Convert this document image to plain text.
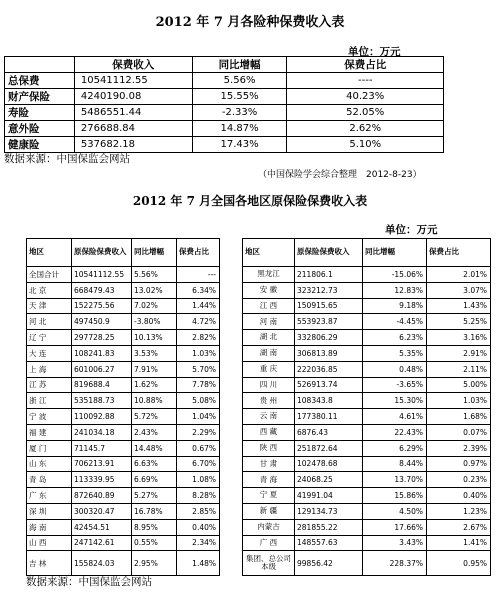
2012 年 7 月各险种保费收入表
单位：万元
	保费收入	同比增幅	保费占比
总保费	10541112.55	5.56%	----
财产保险	4240190.08	15.55%	40.23%
寿险	5486551.44	-2.33%	52.05%
意外险	276688.84	14.87%	2.62%
健康险	537682.18	17.43%	5.10%
数据来源：中国保监会网站
（中国保险学会综合整理　2012-8-23）
2012 年 7 月全国各地区原保险保费收入表
单位：万元
地区	原保险保费收入	同比增幅	保费占比		地区	原保险保费收入	同比增幅	保费占比
全国合计	10541112.55	5.56%	---		黑龙江	211806.1	-15.06%	2.01%
北 京	668479.43	13.02%	6.34%		安 徽	323212.73	12.83%	3.07%
天 津	152275.56	7.02%	1.44%		江 西	150915.65	9.18%	1.43%
河 北	497450.9	-3.80%	4.72%		河 南	553923.87	-4.45%	5.25%
辽 宁	297728.25	10.13%	2.82%		湖 北	332806.29	6.23%	3.16%
大 连	108241.83	3.53%	1.03%		湖 南	306813.89	5.35%	2.91%
上 海	601006.27	7.91%	5.70%		重 庆	222036.85	0.48%	2.11%
江 苏	819688.4	1.62%	7.78%		四 川	526913.74	-3.65%	5.00%
浙 江	535188.73	10.88%	5.08%		贵 州	108343.8	15.30%	1.03%
宁 波	110092.88	5.72%	1.04%		云 南	177380.11	4.61%	1.68%
福 建	241034.18	2.43%	2.29%		西 藏	6876.43	22.43%	0.07%
厦 门	71145.7	14.48%	0.67%		陕 西	251872.64	6.29%	2.39%
山 东	706213.91	6.63%	6.70%		甘 肃	102478.68	8.44%	0.97%
青 岛	113339.95	6.69%	1.08%		青 海	24068.25	13.70%	0.23%
广 东	872640.89	5.27%	8.28%		宁 夏	41991.04	15.86%	0.40%
深 圳	300320.47	16.78%	2.85%		新 疆	129134.73	4.50%	1.23%
海 南	42454.51	8.95%	0.40%		内蒙古	281855.22	17.66%	2.67%
山 西	247142.61	0.55%	2.34%		广 西	148557.63	3.43%	1.41%
吉 林	155824.03	2.95%	1.48%		集团、总公司本级	99856.42	228.37%	0.95%
数据来源：中国保监会网站
